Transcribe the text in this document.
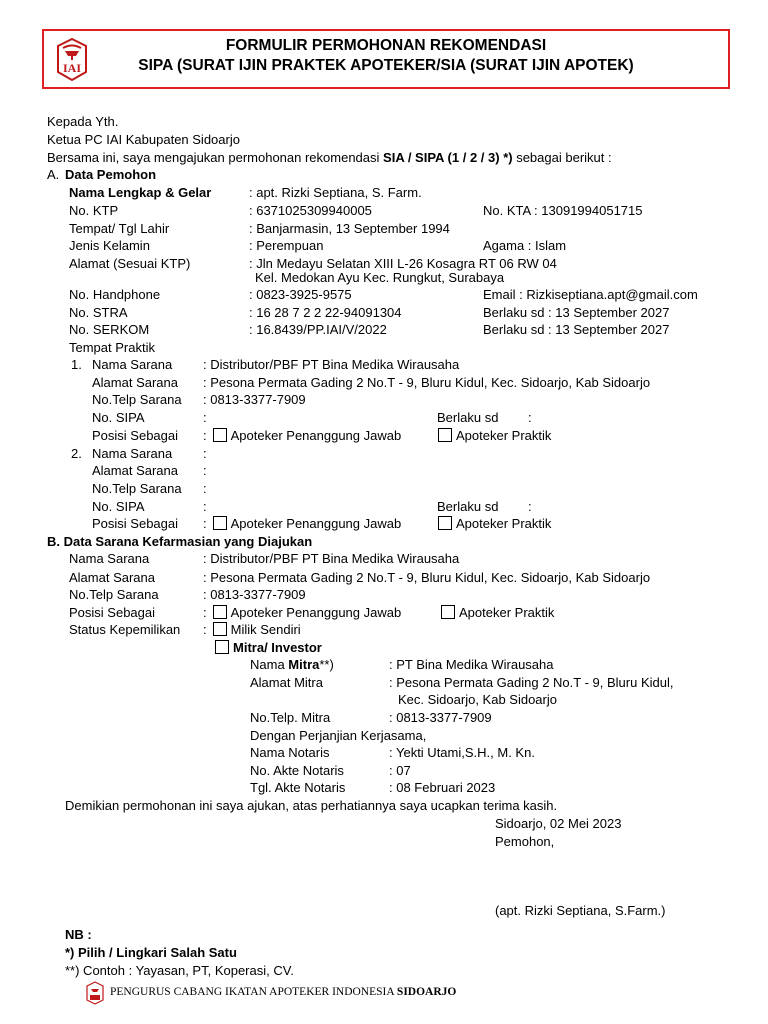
IAI
FORMULIR PERMOHONAN REKOMENDASI
SIPA (SURAT IJIN PRAKTEK APOTEKER/SIA (SURAT IJIN APOTEK)
Kepada Yth.
Ketua PC IAI Kabupaten Sidoarjo
Bersama ini, saya mengajukan permohonan rekomendasi SIA / SIPA (1 / 2 / 3) *) sebagai berikut :
A. Data Pemohon
Nama Lengkap & Gelar	: apt. Rizki Septiana, S. Farm.
No. KTP	: 6371025309940005	No. KTA : 13091994051715
Tempat/ Tgl Lahir	: Banjarmasin, 13 September 1994
Jenis Kelamin	: Perempuan	Agama : Islam
Alamat (Sesuai KTP)	: Jln Medayu Selatan XIII L-26 Kosagra RT 06 RW 04
Kel. Medokan Ayu Kec. Rungkut, Surabaya
No. Handphone	: 0823-3925-9575	Email : Rizkiseptiana.apt@gmail.com
No. STRA	: 16 28 7 2 2 22-94091304	Berlaku sd : 13 September 2027
No. SERKOM	: 16.8439/PP.IAI/V/2022	Berlaku sd : 13 September 2027
Tempat Praktik
1. Nama Sarana : Distributor/PBF PT Bina Medika Wirausaha
Alamat Sarana : Pesona Permata Gading 2 No.T - 9, Bluru Kidul, Kec. Sidoarjo, Kab Sidoarjo
No.Telp Sarana : 0813-3377-7909
No. SIPA	:	Berlaku sd :
Posisi Sebagai : Apoteker Penanggung Jawab	Apoteker Praktik
2. Nama Sarana :
Alamat Sarana :
No.Telp Sarana :
No. SIPA	:	Berlaku sd :
Posisi Sebagai : Apoteker Penanggung Jawab	Apoteker Praktik
B. Data Sarana Kefarmasian yang Diajukan
Nama Sarana	: Distributor/PBF PT Bina Medika Wirausaha
Alamat Sarana	: Pesona Permata Gading 2 No.T - 9, Bluru Kidul, Kec. Sidoarjo, Kab Sidoarjo
No.Telp Sarana	: 0813-3377-7909
Posisi Sebagai	: Apoteker Penanggung Jawab	Apoteker Praktik
Status Kepemilikan : Milik Sendiri
Mitra/ Investor
Nama Mitra**)	: PT Bina Medika Wirausaha
Alamat Mitra	: Pesona Permata Gading 2 No.T - 9, Bluru Kidul,
Kec. Sidoarjo, Kab Sidoarjo
No.Telp. Mitra	: 0813-3377-7909
Dengan Perjanjian Kerjasama,
Nama Notaris	: Yekti Utami,S.H., M. Kn.
No. Akte Notaris	: 07
Tgl. Akte Notaris	: 08 Februari 2023
Demikian permohonan ini saya ajukan, atas perhatiannya saya ucapkan terima kasih.
Sidoarjo, 02 Mei 2023
Pemohon,
(apt. Rizki Septiana, S.Farm.)
NB :
*) Pilih / Lingkari Salah Satu
**) Contoh : Yayasan, PT, Koperasi, CV.
PENGURUS CABANG IKATAN APOTEKER INDONESIA SIDOARJO
